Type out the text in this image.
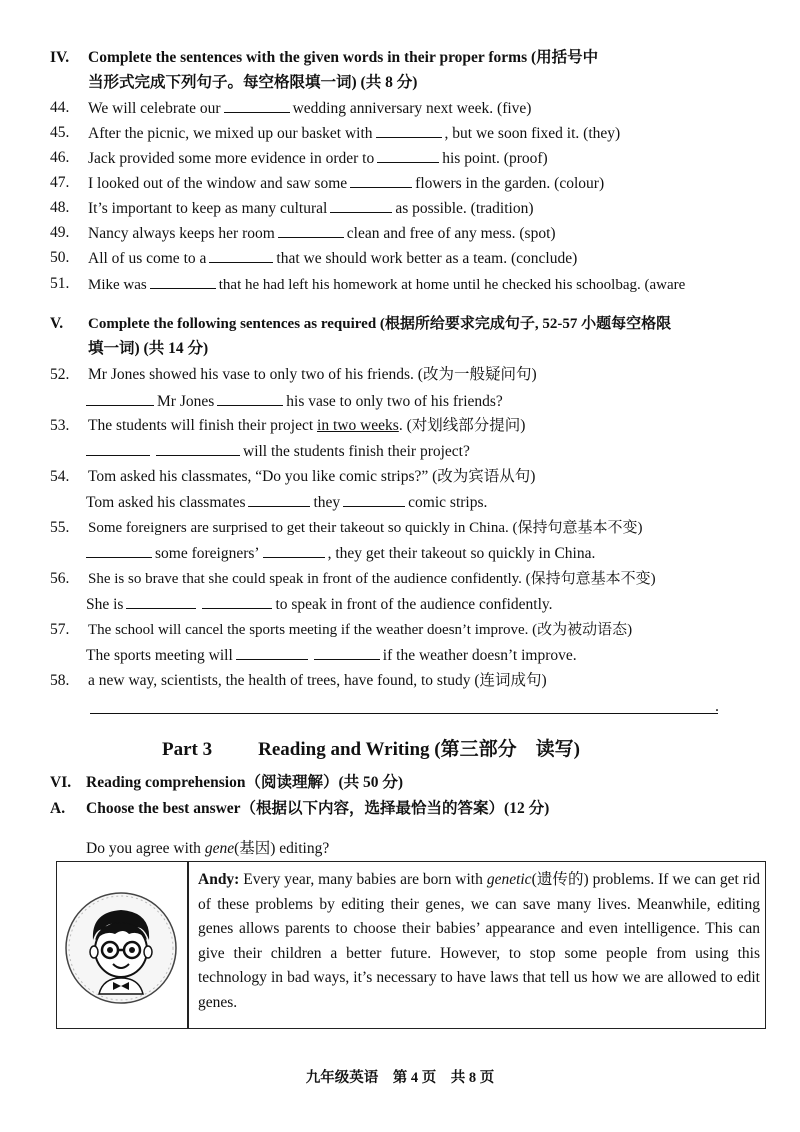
IV. Complete the sentences with the given words in their proper forms (用括号中
当形式完成下列句子。每空格限填一词) (共 8 分)
44. We will celebrate our	wedding anniversary next week. (five)
45. After the picnic, we mixed up our basket with	, but we soon fixed it. (they)
46. Jack provided some more evidence in order to	his point. (proof)
47. I looked out of the window and saw some	flowers in the garden. (colour)
48. It’s important to keep as many cultural	as possible. (tradition)
49. Nancy always keeps her room	clean and free of any mess. (spot)
50. All of us come to a	that we should work better as a team. (conclude)
51. Mike was	that he had left his homework at home until he checked his schoolbag. (aware
V. Complete the following sentences as required (根据所给要求完成句子, 52-57 小题每空格限
填一词) (共 14 分)
52. Mr Jones showed his vase to only two of his friends. (改为一般疑问句)
Mr Jones	his vase to only two of his friends?
53. The students will finish their project in two weeks. (对划线部分提问)
will the students finish their project?
54. Tom asked his classmates, “Do you like comic strips?” (改为宾语从句)
Tom asked his classmates	they	comic strips.
55. Some foreigners are surprised to get their takeout so quickly in China. (保持句意基本不变)
some foreigners’	, they get their takeout so quickly in China.
56. She is so brave that she could speak in front of the audience confidently. (保持句意基本不变)
She is	to speak in front of the audience confidently.
57. The school will cancel the sports meeting if the weather doesn’t improve. (改为被动语态)
The sports meeting will	if the weather doesn’t improve.
58. a new way, scientists, the health of trees, have found, to study (连词成句)
.
Part 3 Reading and Writing (第三部分　读写)
VI. Reading comprehension（阅读理解）(共 50 分)
A. Choose the best answer（根据以下内容，选择最恰当的答案）(12 分)
Do you agree with gene(基因) editing?
Andy: Every year, many babies are born with genetic(遗传的) problems. If we can get rid of these problems by editing their genes, we can save many lives. Meanwhile, editing genes allows parents to choose their babies’ appearance and even intelligence. This can give their children a better future. However, to stop some people from using this technology in bad ways, it’s necessary to have laws that tell us how we are allowed to edit genes.
九年级英语　第 4 页　共 8 页
